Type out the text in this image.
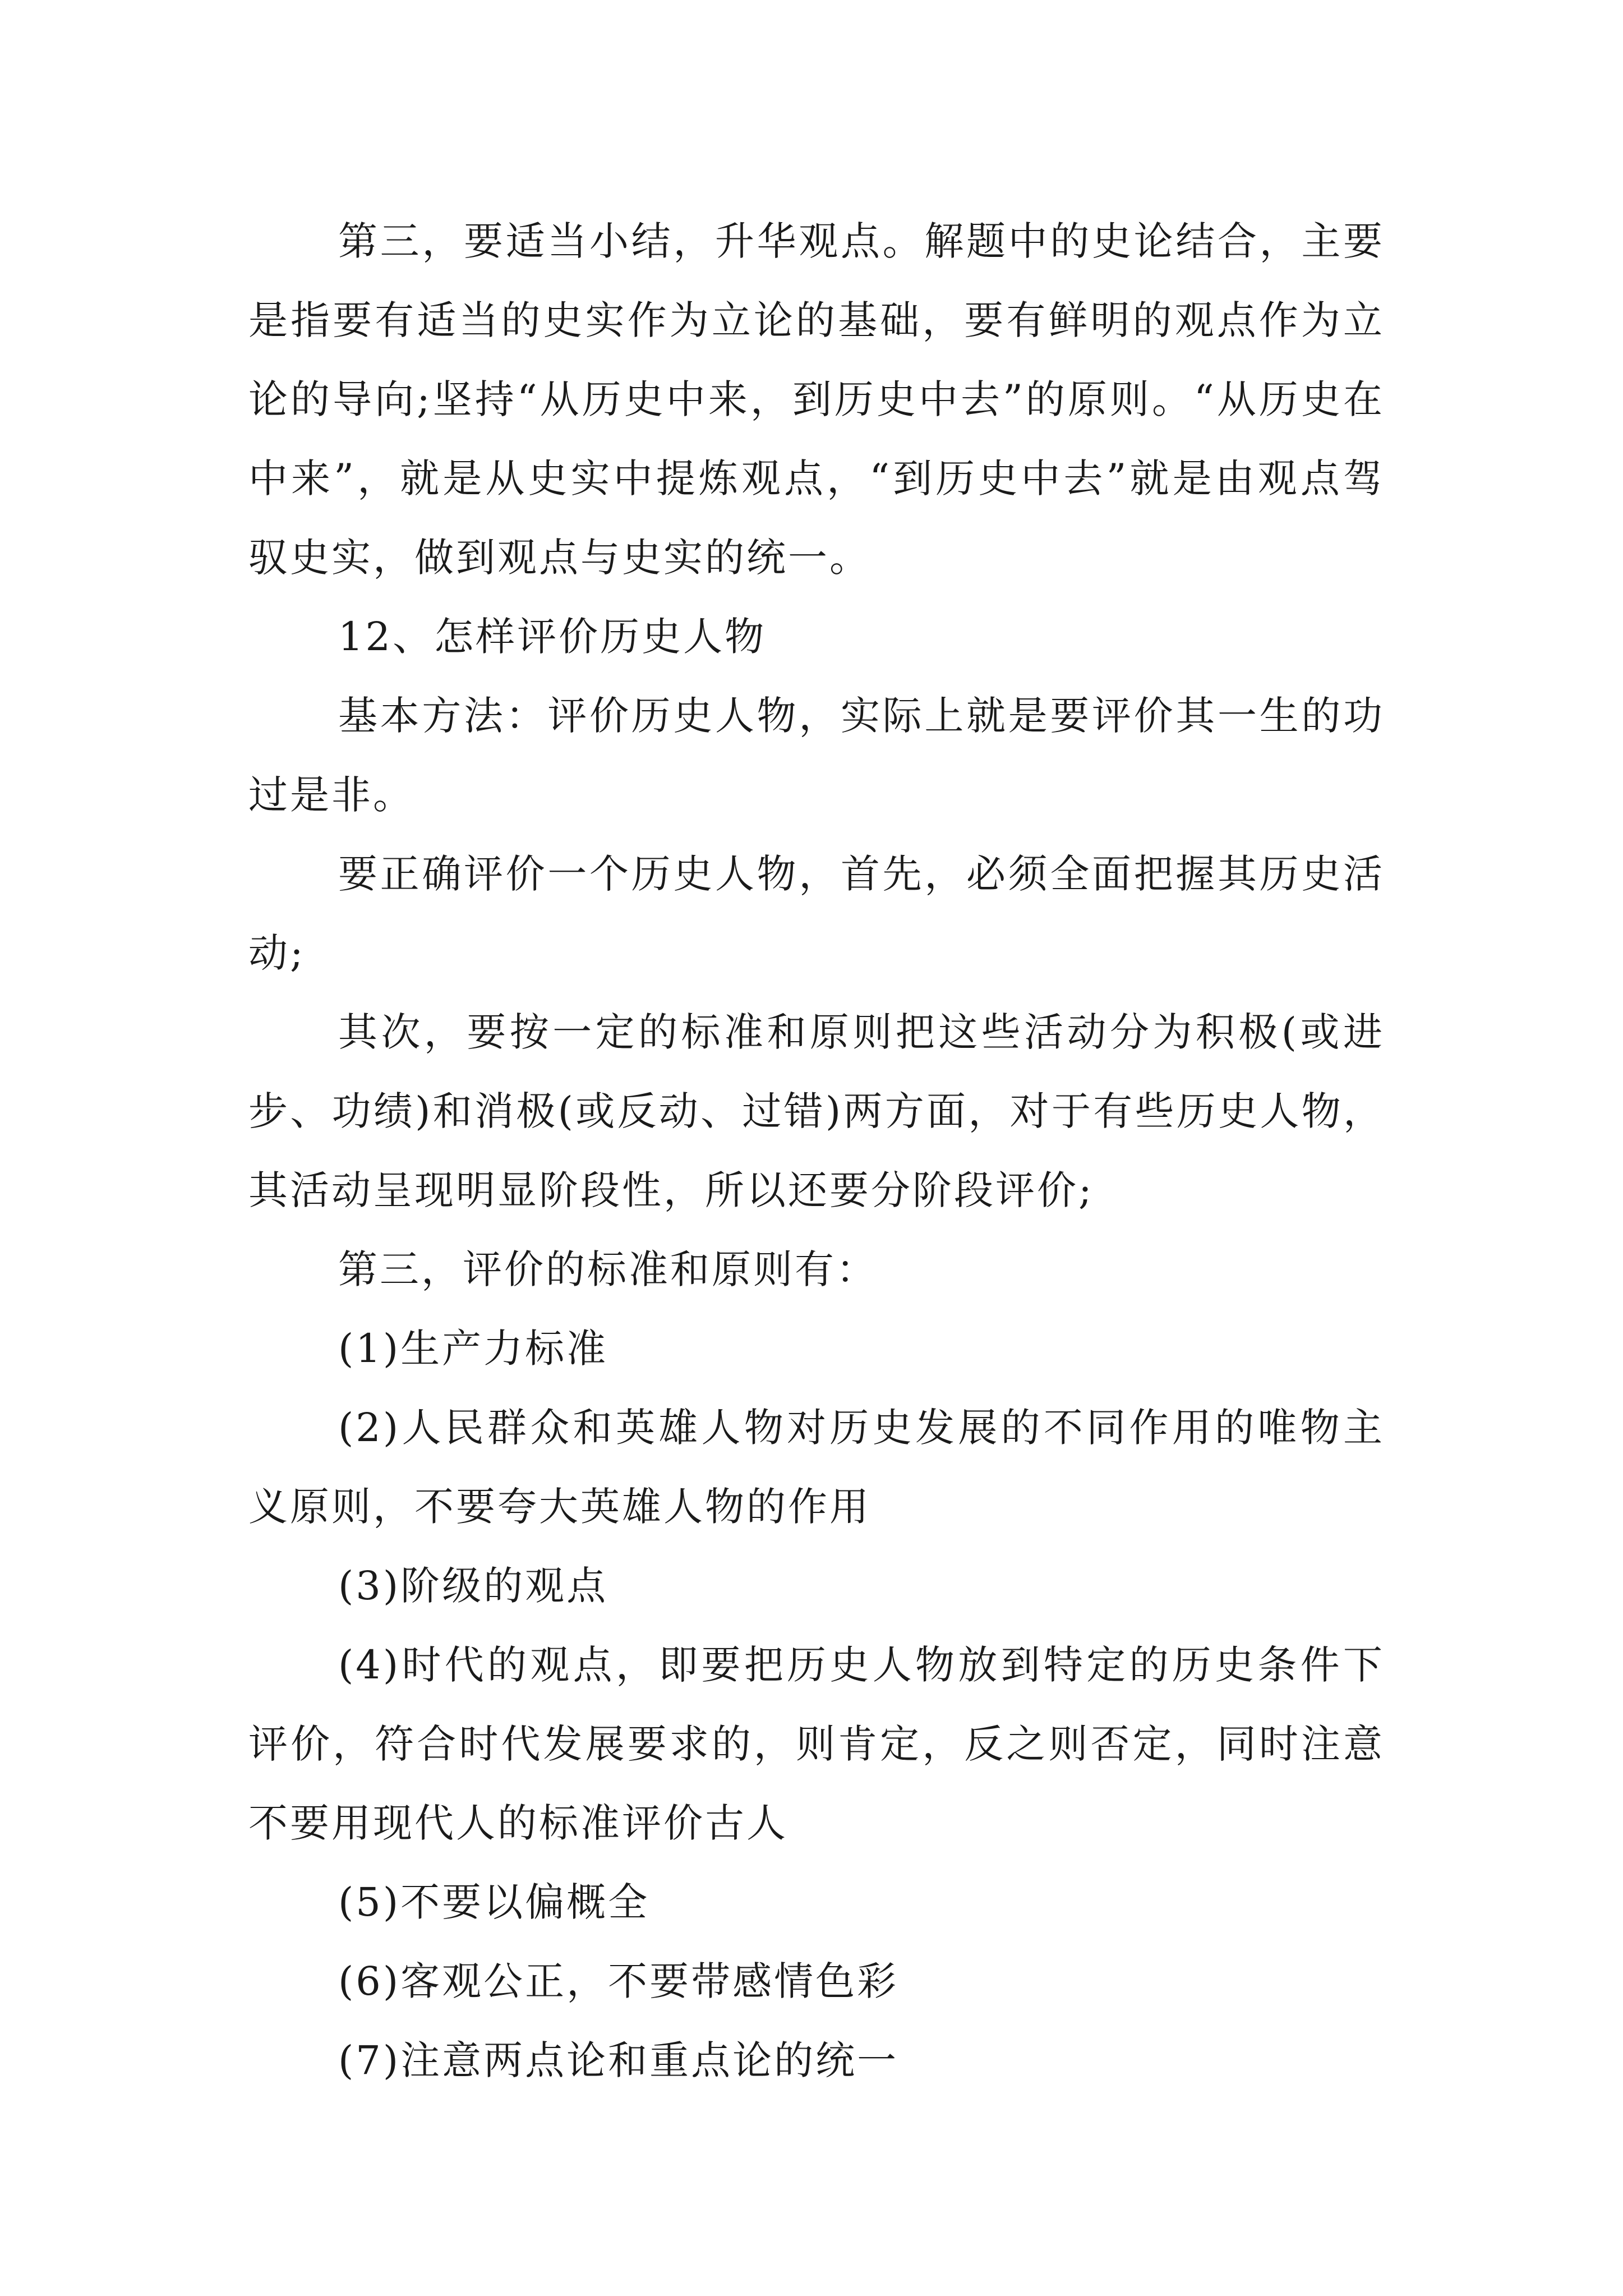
第三，要适当小结，升华观点。解题中的史论结合，主要是指要有适当的史实作为立论的基础，要有鲜明的观点作为立论的导向;坚持“从历史中来，到历史中去”的原则。“从历史在中来”，就是从史实中提炼观点，“到历史中去”就是由观点驾驭史实，做到观点与史实的统一。

12、怎样评价历史人物

基本方法：评价历史人物，实际上就是要评价其一生的功过是非。

要正确评价一个历史人物，首先，必须全面把握其历史活动;

其次，要按一定的标准和原则把这些活动分为积极(或进步、功绩)和消极(或反动、过错)两方面，对于有些历史人物，其活动呈现明显阶段性，所以还要分阶段评价;

第三，评价的标准和原则有：

(1)生产力标准

(2)人民群众和英雄人物对历史发展的不同作用的唯物主义原则，不要夸大英雄人物的作用

(3)阶级的观点

(4)时代的观点，即要把历史人物放到特定的历史条件下评价，符合时代发展要求的，则肯定，反之则否定，同时注意不要用现代人的标准评价古人

(5)不要以偏概全

(6)客观公正，不要带感情色彩

(7)注意两点论和重点论的统一
